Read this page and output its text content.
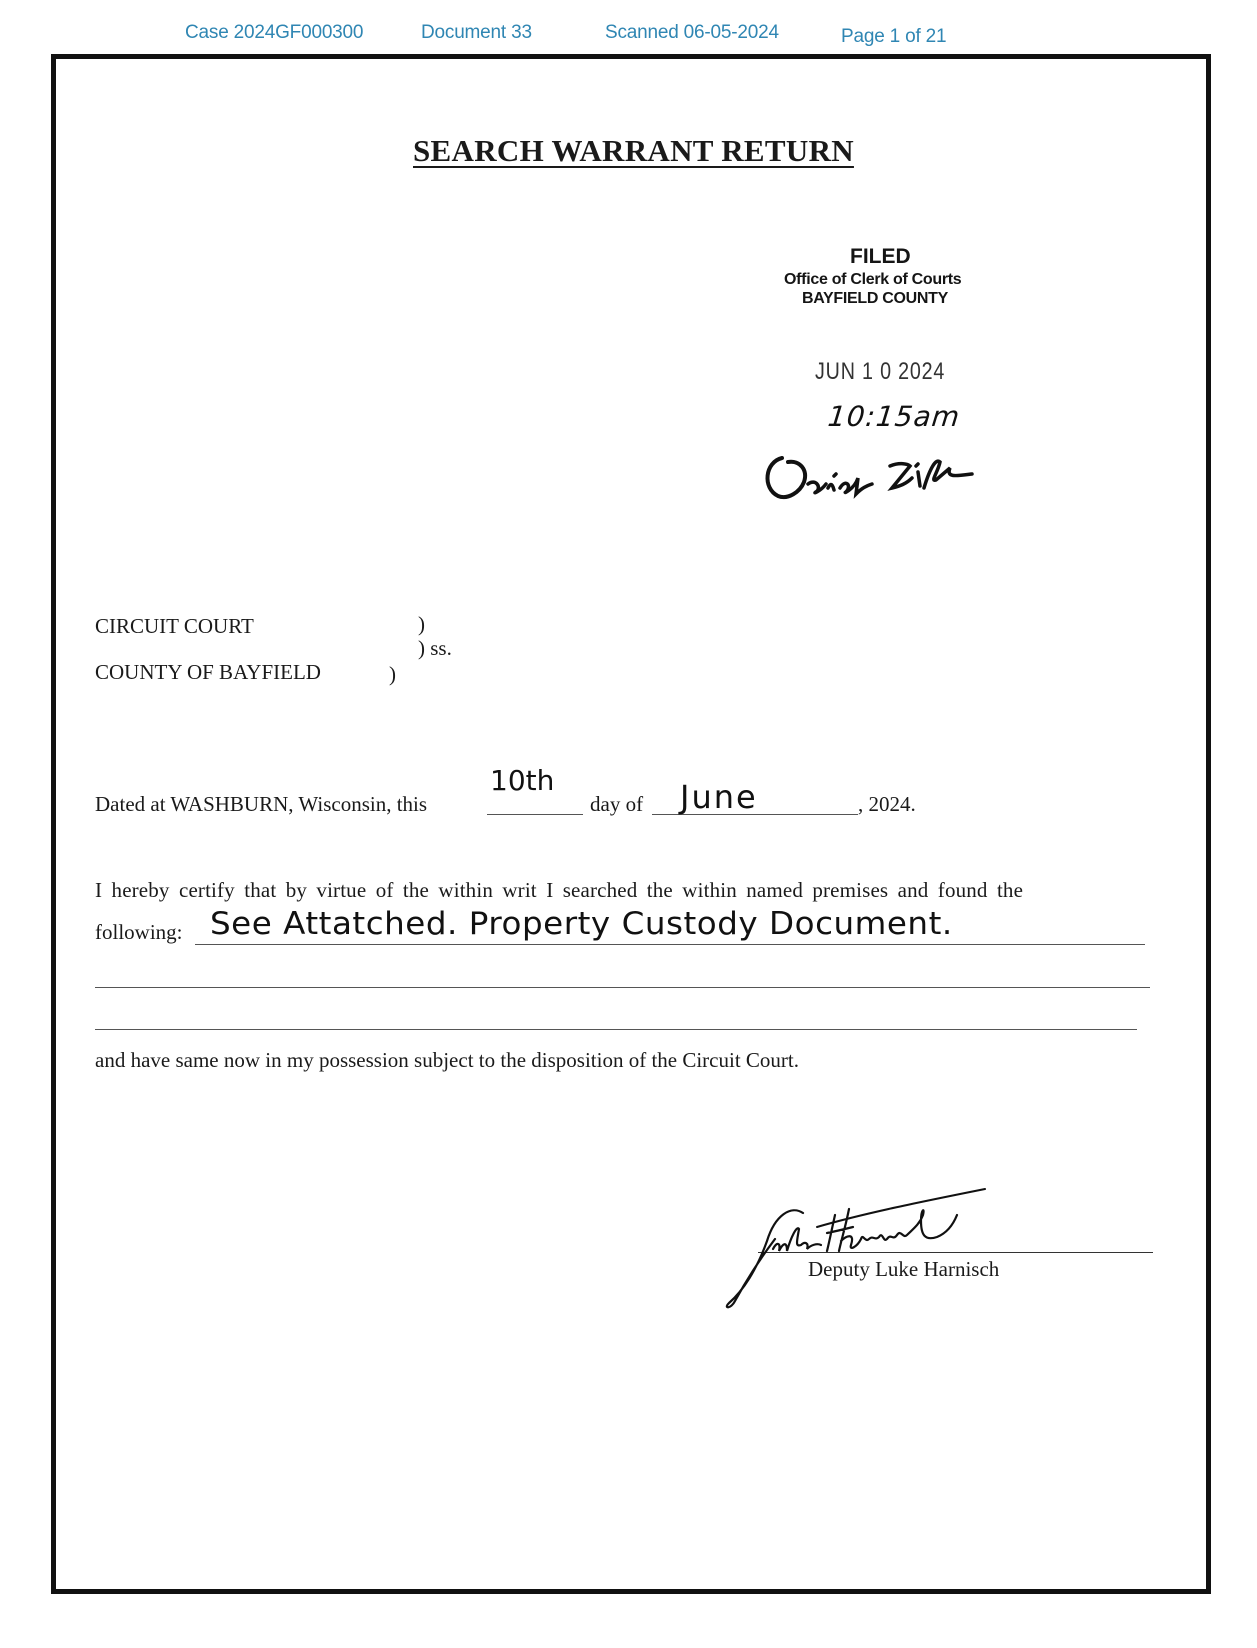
Case 2024GF000300	Document 33	Scanned 06-05-2024	Page 1 of 21
SEARCH WARRANT RETURN
FILED
Office of Clerk of Courts
BAYFIELD COUNTY
JUN 1 0 2024
10:15am
CIRCUIT COURT	)
) ss.
COUNTY OF BAYFIELD	)
Dated at WASHBURN, Wisconsin, this
10th
day of June	, 2024.
I hereby certify that by virtue of the within writ I searched the within named premises and found the
following: See Attatched. Property Custody Document.
and have same now in my possession subject to the disposition of the Circuit Court.
Deputy Luke Harnisch
